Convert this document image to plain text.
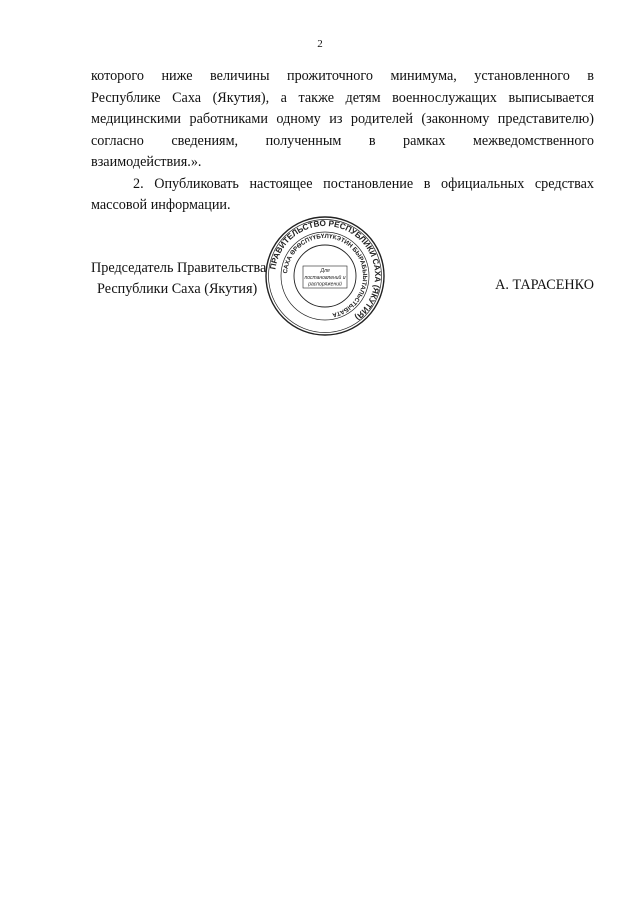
2
которого ниже величины прожиточного минимума, установленного в
Республике Саха (Якутия), а также детям военнослужащих выписывается
медицинскими работниками одному из родителей (законному представителю)
согласно сведениям, полученным в рамках межведомственного
взаимодействия.».
2. Опубликовать настоящее постановление в официальных средствах
массовой информации.
Председатель Правительства
Республики Саха (Якутия)	А. ТАРАСЕНКО
ПРАВИТЕЛЬСТВО РЕСПУБЛИКИ САХА (ЯКУТИЯ)
САХА ӨРӨСПҮҮБҮЛҮКЭТИН БЫРАБЫЫТАЛЬСТЫБАТА
Для
постановлений и
распоряжений
